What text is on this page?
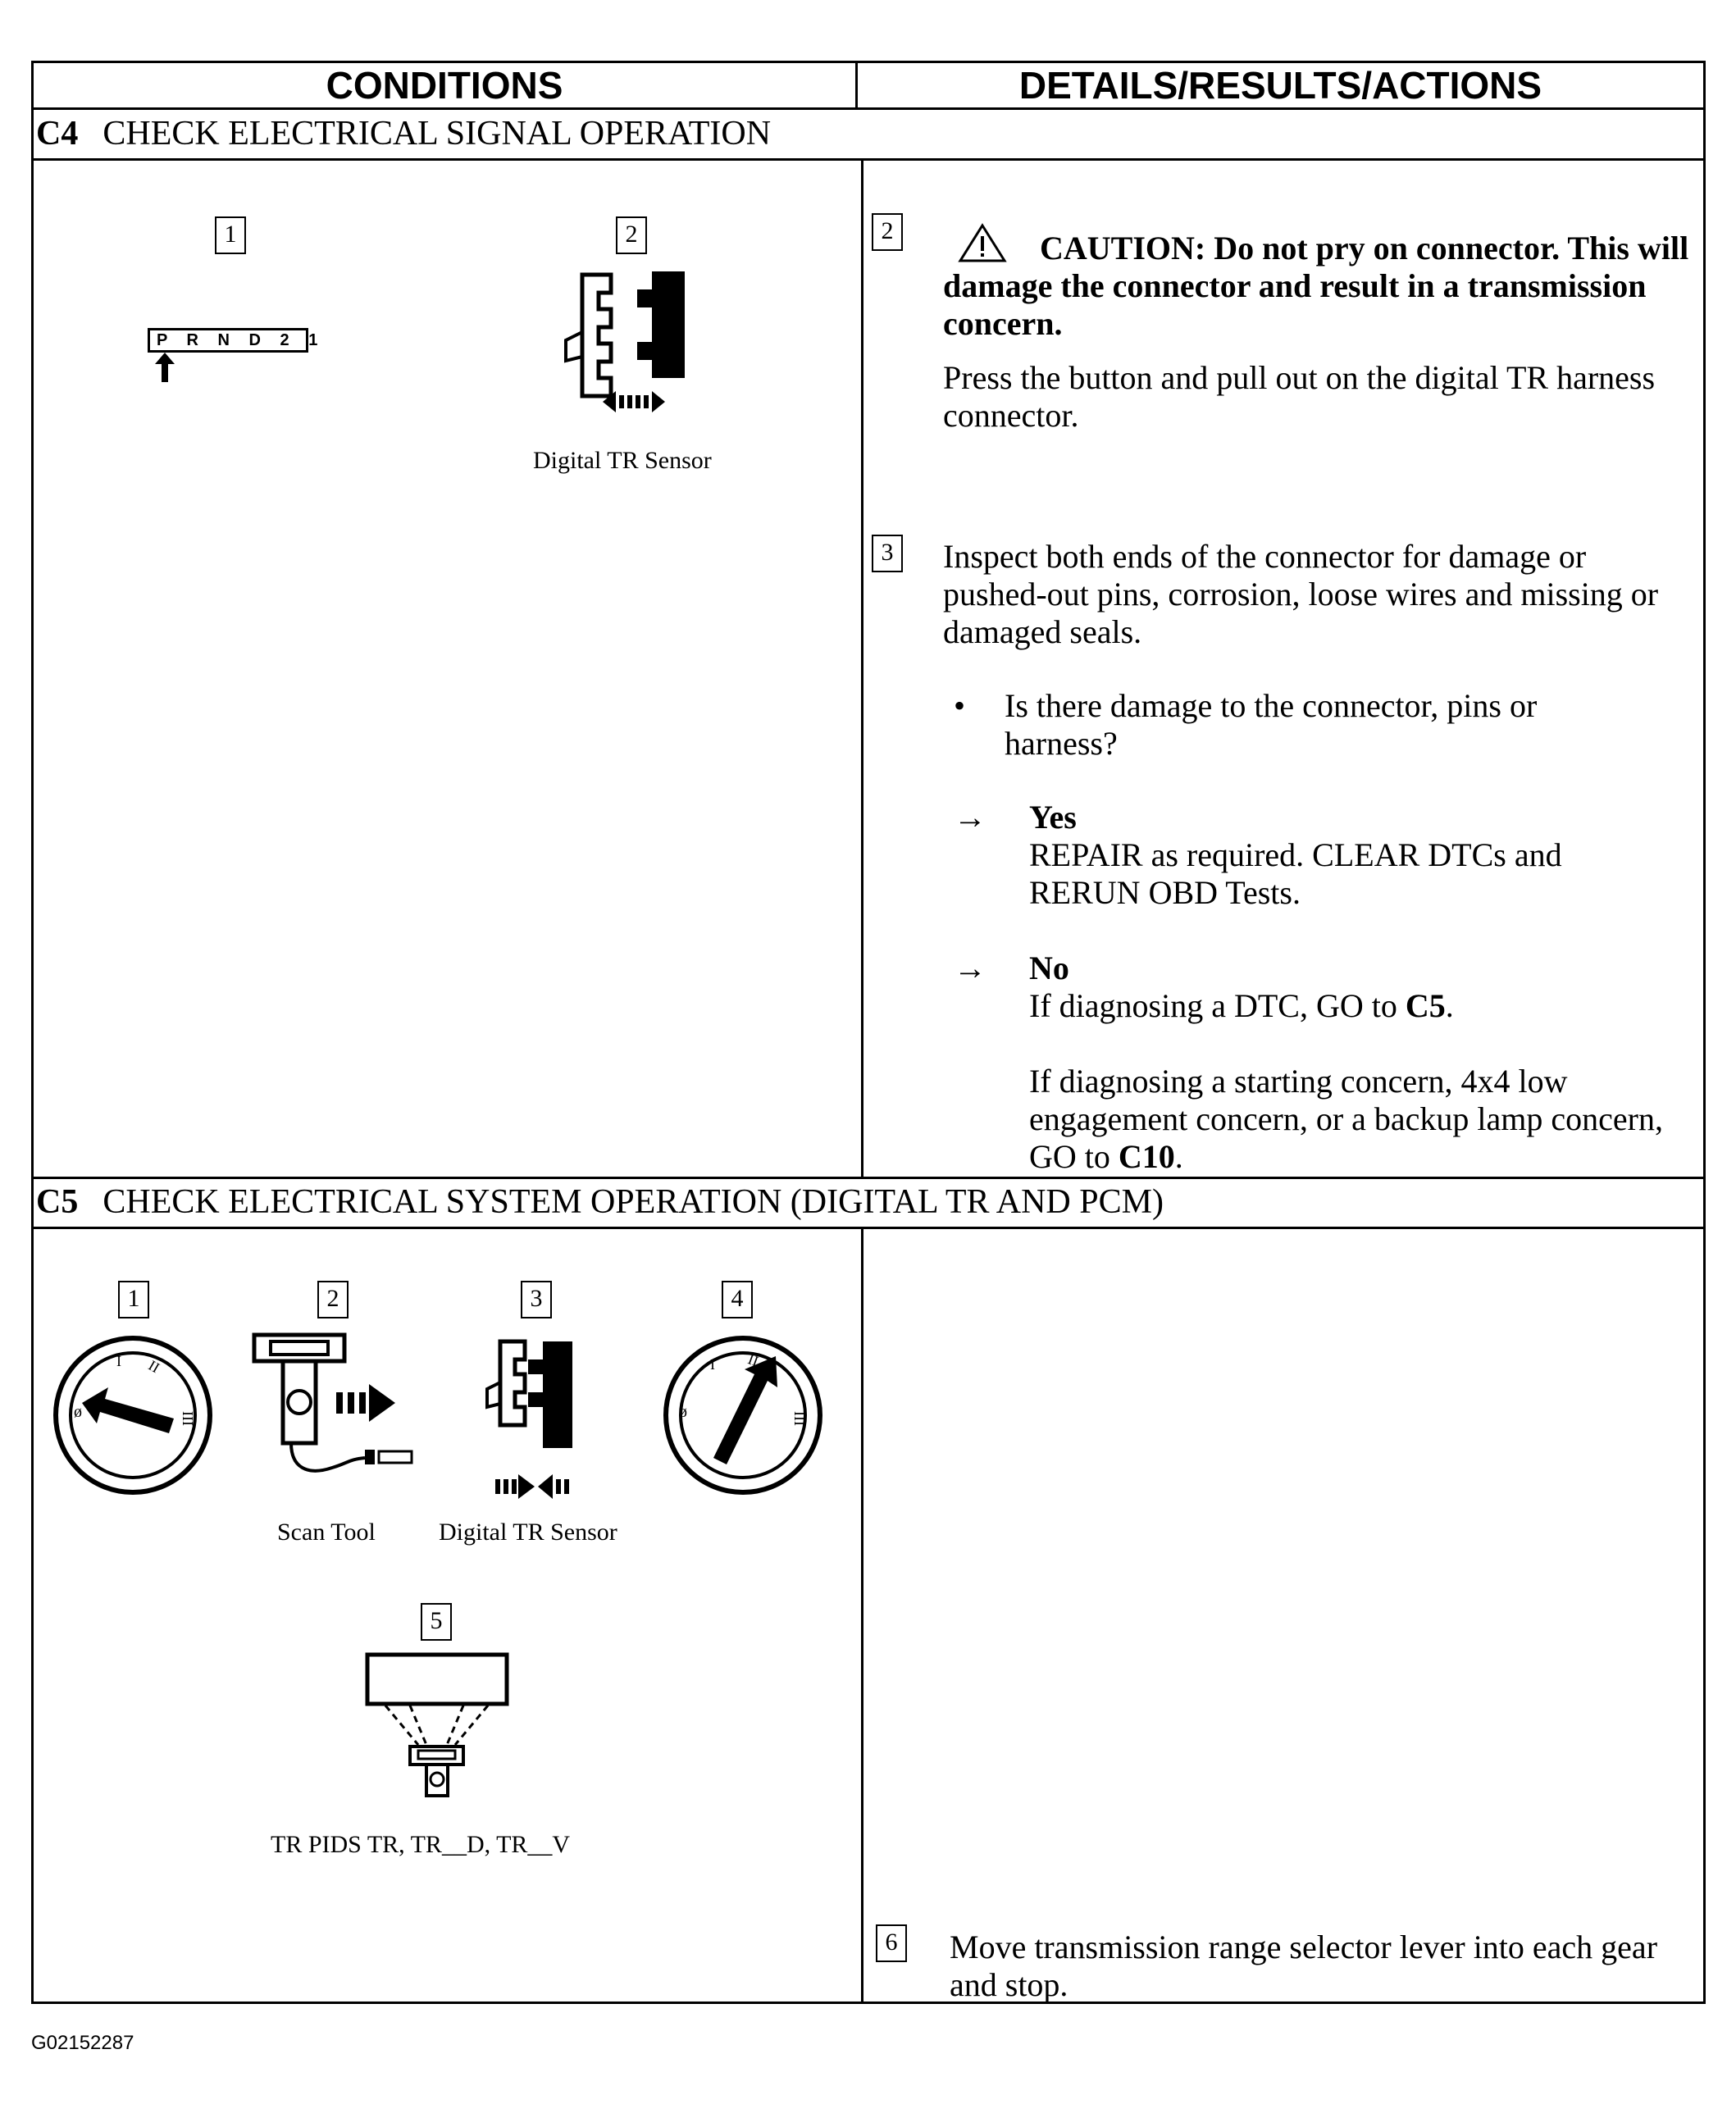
CONDITIONS	DETAILS/RESULTS/ACTIONS
C4 CHECK ELECTRICAL SIGNAL OPERATION
1	2
P R N D 2 1
Digital TR Sensor
2	CAUTION: Do not pry on connector. This will damage the connector and result in a transmission concern.
Press the button and pull out on the digital TR harness connector.
3 Inspect both ends of the connector for damage or pushed-out pins, corrosion, loose wires and missing or damaged seals.
• Is there damage to the connector, pins or harness?
→ Yes
REPAIR as required. CLEAR DTCs and RERUN OBD Tests.
→ No
If diagnosing a DTC, GO to C5.
If diagnosing a starting concern, 4x4 low engagement concern, or a backup lamp concern, GO to C10.
C5 CHECK ELECTRICAL SYSTEM OPERATION (DIGITAL TR AND PCM)
1	2	3	4
ø
I II
III
Scan Tool	Digital TR Sensor
ø
I II
III
5
TR PIDS TR, TR__D, TR__V
6 Move transmission range selector lever into each gear and stop.
G02152287
